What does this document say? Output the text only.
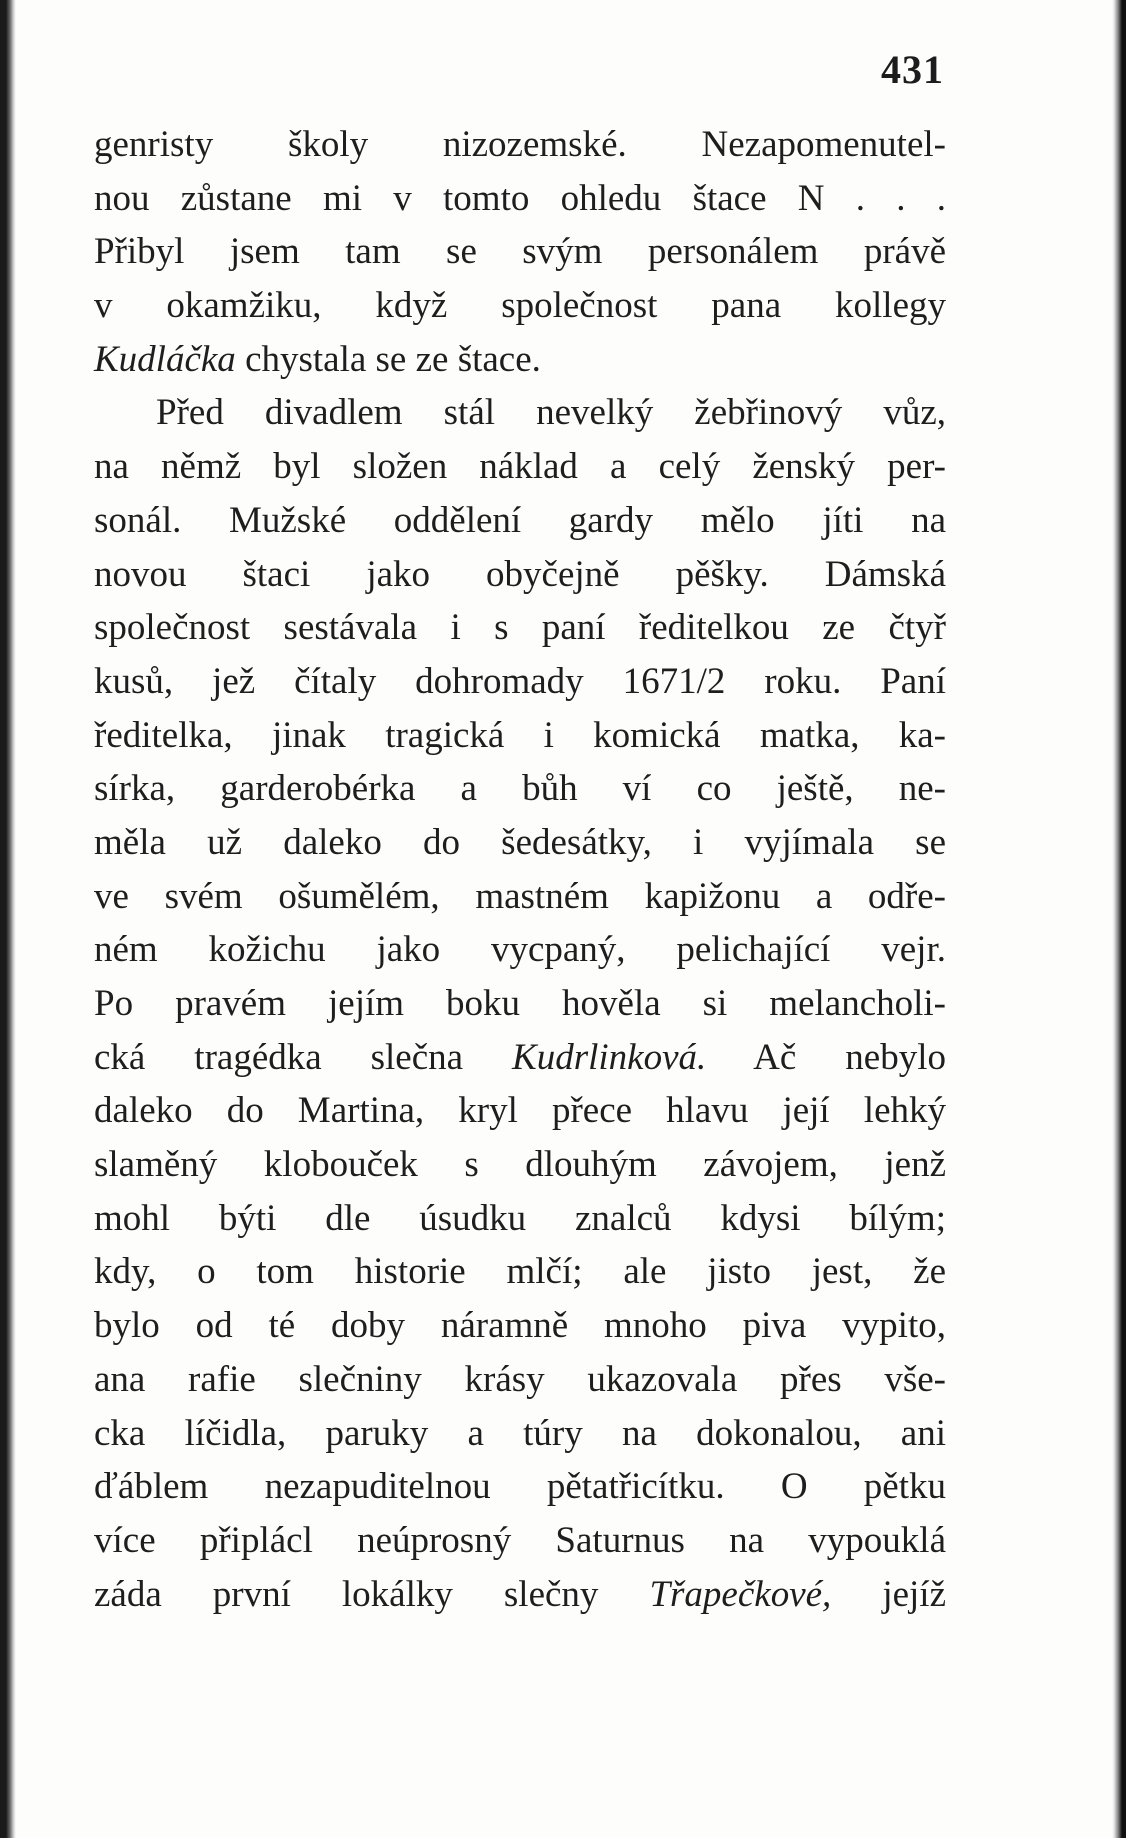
431
genristy školy nizozemské. Nezapomenutel-
nou zůstane mi v tomto ohledu štace N . . .
Přibyl jsem tam se svým personálem právě
v okamžiku, když společnost pana kollegy
Kudláčka chystala se ze štace.
Před divadlem stál nevelký žebřinový vůz,
na němž byl složen náklad a celý ženský per-
sonál. Mužské oddělení gardy mělo jíti na
novou štaci jako obyčejně pěšky. Dámská
společnost sestávala i s paní ředitelkou ze čtyř
kusů, jež čítaly dohromady 1671/2 roku. Paní
ředitelka, jinak tragická i komická matka, ka-
sírka, garderobérka a bůh ví co ještě, ne-
měla už daleko do šedesátky, i vyjímala se
ve svém ošumělém, mastném kapižonu a odře-
ném kožichu jako vycpaný, pelichající vejr.
Po pravém jejím boku hověla si melancholi-
cká tragédka slečna Kudrlinková. Ač nebylo
daleko do Martina, kryl přece hlavu její lehký
slaměný klobouček s dlouhým závojem, jenž
mohl býti dle úsudku znalců kdysi bílým;
kdy, o tom historie mlčí; ale jisto jest, že
bylo od té doby náramně mnoho piva vypito,
ana rafie slečniny krásy ukazovala přes vše-
cka líčidla, paruky a túry na dokonalou, ani
ďáblem nezapuditelnou pětatřicítku. O pětku
více připlácl neúprosný Saturnus na vypouklá
záda první lokálky slečny Třapečkové, jejíž
